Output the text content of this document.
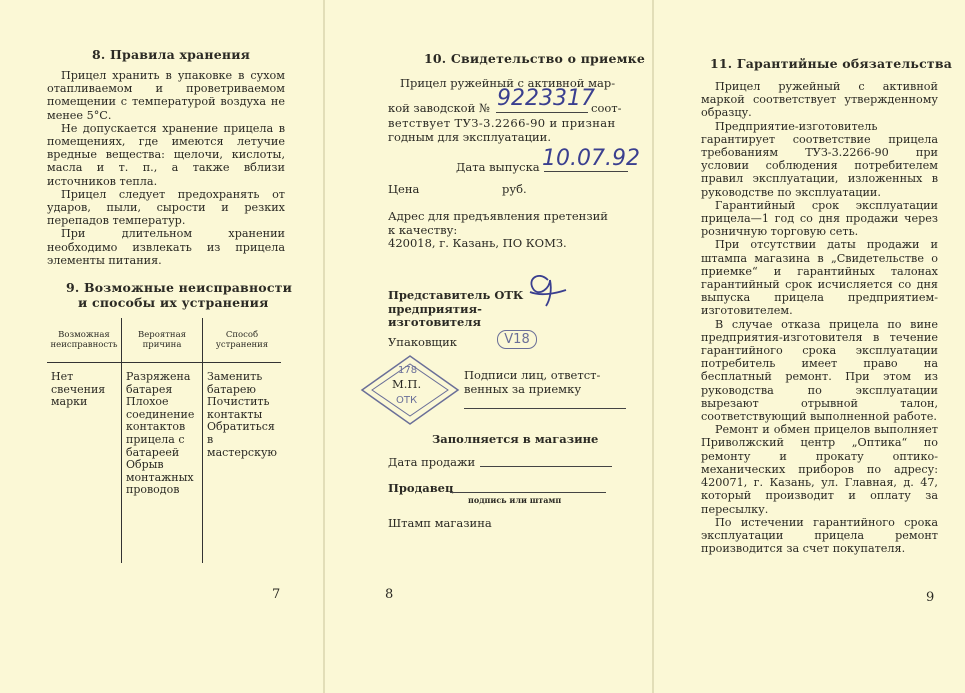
8. Правила хранения

Прицел хранить в упаковке в сухом отапливаемом и проветриваемом помещении с температурой воздуха не менее 5°С.

Не допускается хранение прицела в помещениях, где имеются летучие вредные вещества: щелочи, кислоты, масла и т. п., а также вблизи источников тепла.

Прицел следует предохранять от ударов, пыли, сырости и резких перепадов температур.

При длительном хранении необходимо извлекать из прицела элементы питания.

9. Возможные неисправности
и способы их устранения
Возможная неисправность	Вероятная причина	Способ устранения
Нет свечения марки	Разряжена батарея Плохое соединение контактов прицела с батареей Обрыв монтажных проводов	Заменить батарею Почистить контакты Обратиться в мастерскую
7
10. Свидетельство о приемке
Прицел ружейный с активной мар-
кой заводской № 9223317
соот-
ветствует ТУЗ-3.2266-90 и признан
годным для эксплуатации.
Дата выпуска 10.07.92
Цена	руб.
Адрес для предъявления претензий
к качеству:
420018, г. Казань, ПО КОМЗ.
Представитель ОТК
предприятия-
изготовителя
Упаковщик	V18
178
ОТК
М.П.
Подписи лиц, ответст-
венных за приемку
Заполняется в магазине
Дата продажи
Продавец
подпись или штамп
Штамп магазина
8
11. Гарантийные обязательства

Прицел ружейный с активной маркой соответствует утвержденному образцу.

Предприятие-изготовитель гарантирует соответствие прицела требованиям ТУЗ-3.2266-90 при условии соблюдения потребителем правил эксплуатации, изложенных в руководстве по эксплуатации.

Гарантийный срок эксплуатации прицела—1 год со дня продажи через розничную торговую сеть.

При отсутствии даты продажи и штампа магазина в „Свидетельстве о приемке“ и гарантийных талонах гарантийный срок исчисляется со дня выпуска прицела предприятием-изготовителем.

В случае отказа прицела по вине предприятия-изготовителя в течение гарантийного срока эксплуатации потребитель имеет право на бесплатный ремонт. При этом из руководства по эксплуатации вырезают отрывной талон, соответствующий выполненной работе.

Ремонт и обмен прицелов выполняет Приволжский центр „Оптика“ по ремонту и прокату оптико-механических приборов по адресу: 420071, г. Казань, ул. Главная, д. 47, который производит и оплату за пересылку.

По истечении гарантийного срока эксплуатации прицела ремонт производится за счет покупателя.

9
